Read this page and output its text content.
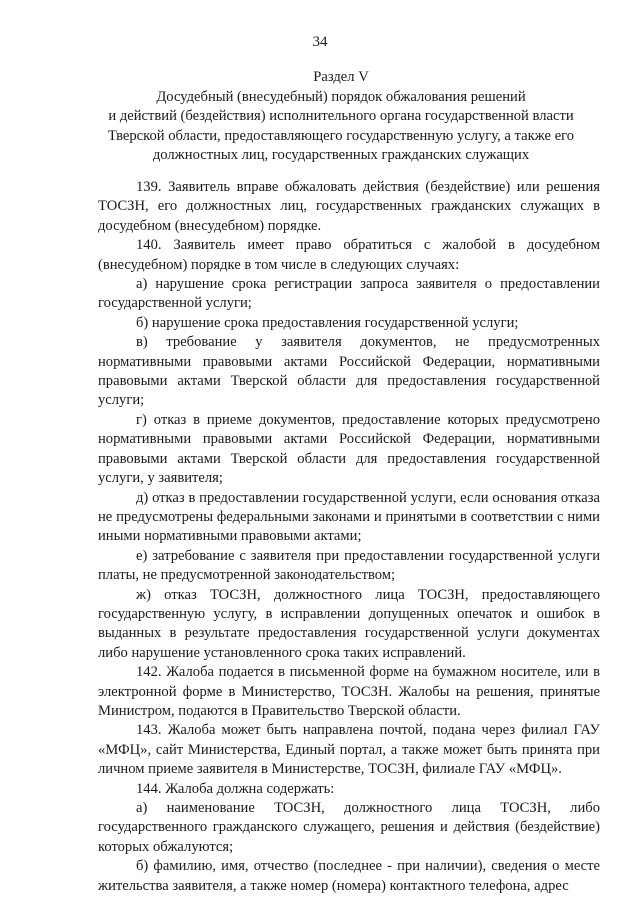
34
Раздел V
Досудебный (внесудебный) порядок обжалования решений
и действий (бездействия) исполнительного органа государственной власти
Тверской области, предоставляющего государственную услугу, а также его
должностных лиц, государственных гражданских служащих

139. Заявитель вправе обжаловать действия (бездействие) или решения ТОСЗН, его должностных лиц, государственных гражданских служащих в досудебном (внесудебном) порядке.

140. Заявитель имеет право обратиться с жалобой в досудебном (внесудебном) порядке в том числе в следующих случаях:

а) нарушение срока регистрации запроса заявителя о предоставлении государственной услуги;

б) нарушение срока предоставления государственной услуги;

в) требование у заявителя документов, не предусмотренных нормативными правовыми актами Российской Федерации, нормативными правовыми актами Тверской области для предоставления государственной услуги;

г) отказ в приеме документов, предоставление которых предусмотрено нормативными правовыми актами Российской Федерации, нормативными правовыми актами Тверской области для предоставления государственной услуги, у заявителя;

д) отказ в предоставлении государственной услуги, если основания отказа не предусмотрены федеральными законами и принятыми в соответствии с ними иными нормативными правовыми актами;

е) затребование с заявителя при предоставлении государственной услуги платы, не предусмотренной законодательством;

ж) отказ ТОСЗН, должностного лица ТОСЗН, предоставляющего государственную услугу, в исправлении допущенных опечаток и ошибок в выданных в результате предоставления государственной услуги документах либо нарушение установленного срока таких исправлений.

142. Жалоба подается в письменной форме на бумажном носителе, или в электронной форме в Министерство, ТОСЗН. Жалобы на решения, принятые Министром, подаются в Правительство Тверской области.

143. Жалоба может быть направлена почтой, подана через филиал ГАУ «МФЦ», сайт Министерства, Единый портал, а также может быть принята при личном приеме заявителя в Министерстве, ТОСЗН, филиале ГАУ «МФЦ».

144. Жалоба должна содержать:

а) наименование ТОСЗН, должностного лица ТОСЗН, либо государственного гражданского служащего, решения и действия (бездействие) которых обжалуются;

б) фамилию, имя, отчество (последнее - при наличии), сведения о месте жительства заявителя, а также номер (номера) контактного телефона, адрес
